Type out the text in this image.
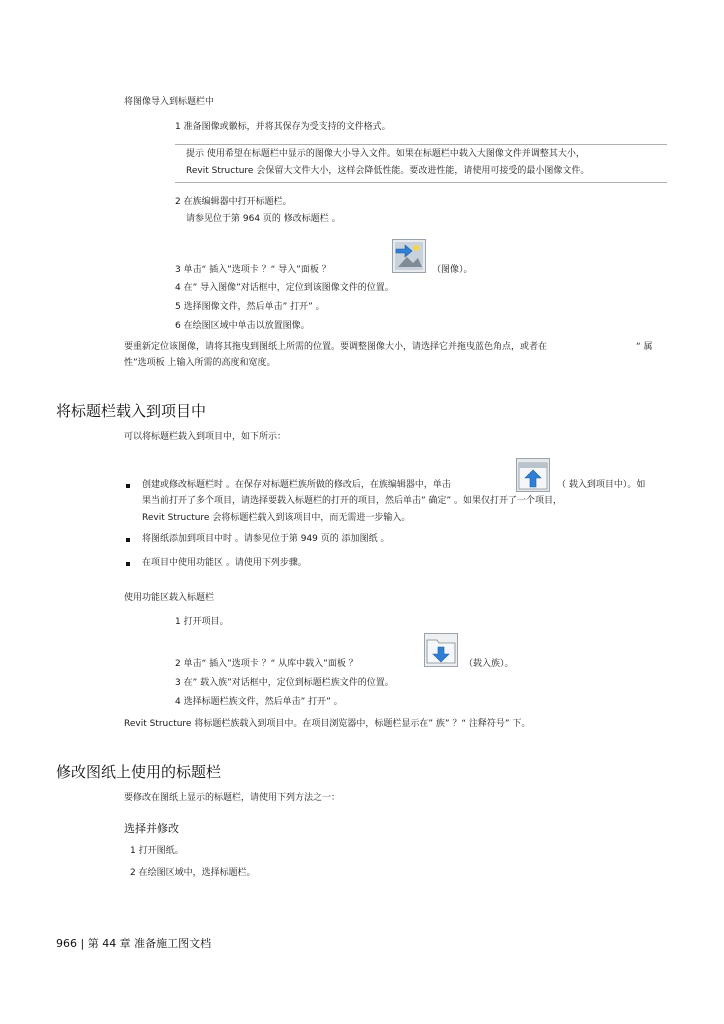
将图像导入到标题栏中
1 准备图像或徽标，并将其保存为受支持的文件格式。
提示 使用希望在标题栏中显示的图像大小导入文件。如果在标题栏中载入大图像文件并调整其大小，
Revit Structure 会保留大文件大小，这样会降低性能。要改进性能，请使用可接受的最小图像文件。
2 在族编辑器中打开标题栏。
请参见位于第 964 页的 修改标题栏 。
3 单击“ 插入”选项卡 ？“ 导入”面板 ？	（图像）。
4 在” 导入图像”对话框中，定位到该图像文件的位置。
5 选择图像文件，然后单击” 打开” 。
6 在绘图区域中单击以放置图像。
要重新定位该图像，请将其拖曳到图纸上所需的位置。要调整图像大小，请选择它并拖曳蓝色角点，或者在	“ 属
性”选项板 上输入所需的高度和宽度。
将标题栏载入到项目中
可以将标题栏载入到项目中，如下所示：
创建或修改标题栏时 。在保存对标题栏族所做的修改后，在族编辑器中，单击	（ 载入到项目中）。如
果当前打开了多个项目，请选择要载入标题栏的打开的项目，然后单击” 确定” 。如果仅打开了一个项目，
Revit Structure 会将标题栏载入到该项目中，而无需进一步输入。
将图纸添加到项目中时 。请参见位于第 949 页的 添加图纸 。
在项目中使用功能区 。请使用下列步骤。
使用功能区载入标题栏
1 打开项目。
2 单击“ 插入”选项卡 ？“ 从库中载入”面板 ？	（载入族）。
3 在” 载入族”对话框中，定位到标题栏族文件的位置。
4 选择标题栏族文件，然后单击” 打开” 。
Revit Structure 将标题栏族载入到项目中。在项目浏览器中，标题栏显示在” 族” ？“ 注释符号” 下。
修改图纸上使用的标题栏
要修改在图纸上显示的标题栏，请使用下列方法之一：
选择并修改
1 打开图纸。
2 在绘图区域中，选择标题栏。
966 | 第 44 章 准备施工图文档
